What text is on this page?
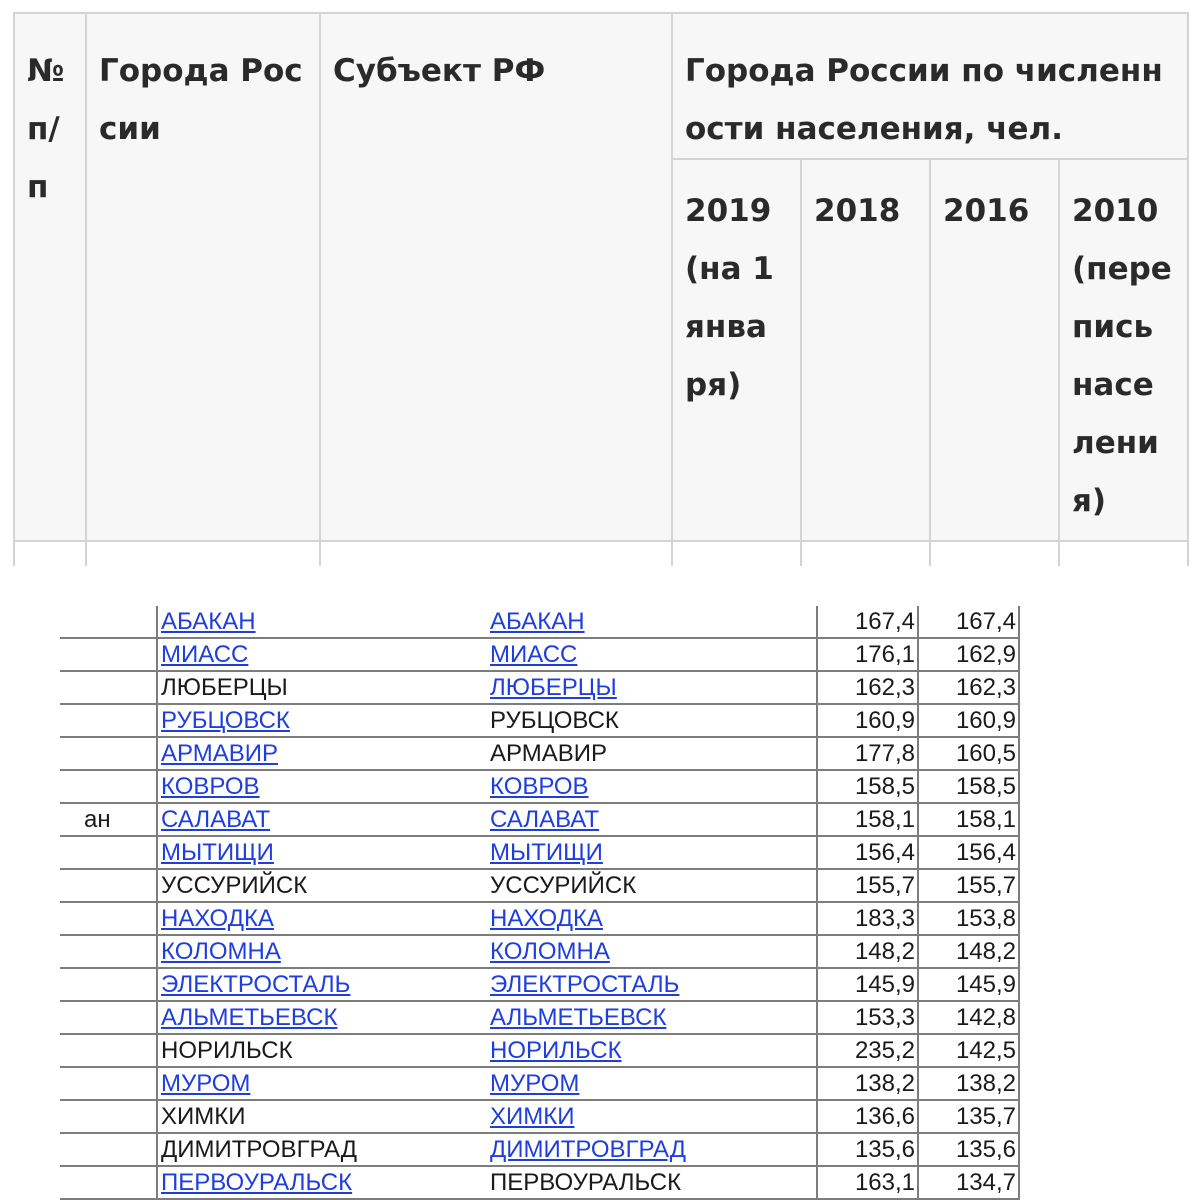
№ п/п	Города России	Субъект РФ	Города России по численности населения, чел.			
			2019 (на 1 января)	2018	2016	2010 (перепись населения)

	АБАКАН	АБАКАН	167,4	167,4
	МИАСС	МИАСС	176,1	162,9
	ЛЮБЕРЦЫ	ЛЮБЕРЦЫ	162,3	162,3
	РУБЦОВСК	РУБЦОВСК	160,9	160,9
	АРМАВИР	АРМАВИР	177,8	160,5
	КОВРОВ	КОВРОВ	158,5	158,5
ан	САЛАВАТ	САЛАВАТ	158,1	158,1
	МЫТИЩИ	МЫТИЩИ	156,4	156,4
	УССУРИЙСК	УССУРИЙСК	155,7	155,7
	НАХОДКА	НАХОДКА	183,3	153,8
	КОЛОМНА	КОЛОМНА	148,2	148,2
	ЭЛЕКТРОСТАЛЬ	ЭЛЕКТРОСТАЛЬ	145,9	145,9
	АЛЬМЕТЬЕВСК	АЛЬМЕТЬЕВСК	153,3	142,8
	НОРИЛЬСК	НОРИЛЬСК	235,2	142,5
	МУРОМ	МУРОМ	138,2	138,2
	ХИМКИ	ХИМКИ	136,6	135,7
	ДИМИТРОВГРАД	ДИМИТРОВГРАД	135,6	135,6
	ПЕРВОУРАЛЬСК	ПЕРВОУРАЛЬСК	163,1	134,7
